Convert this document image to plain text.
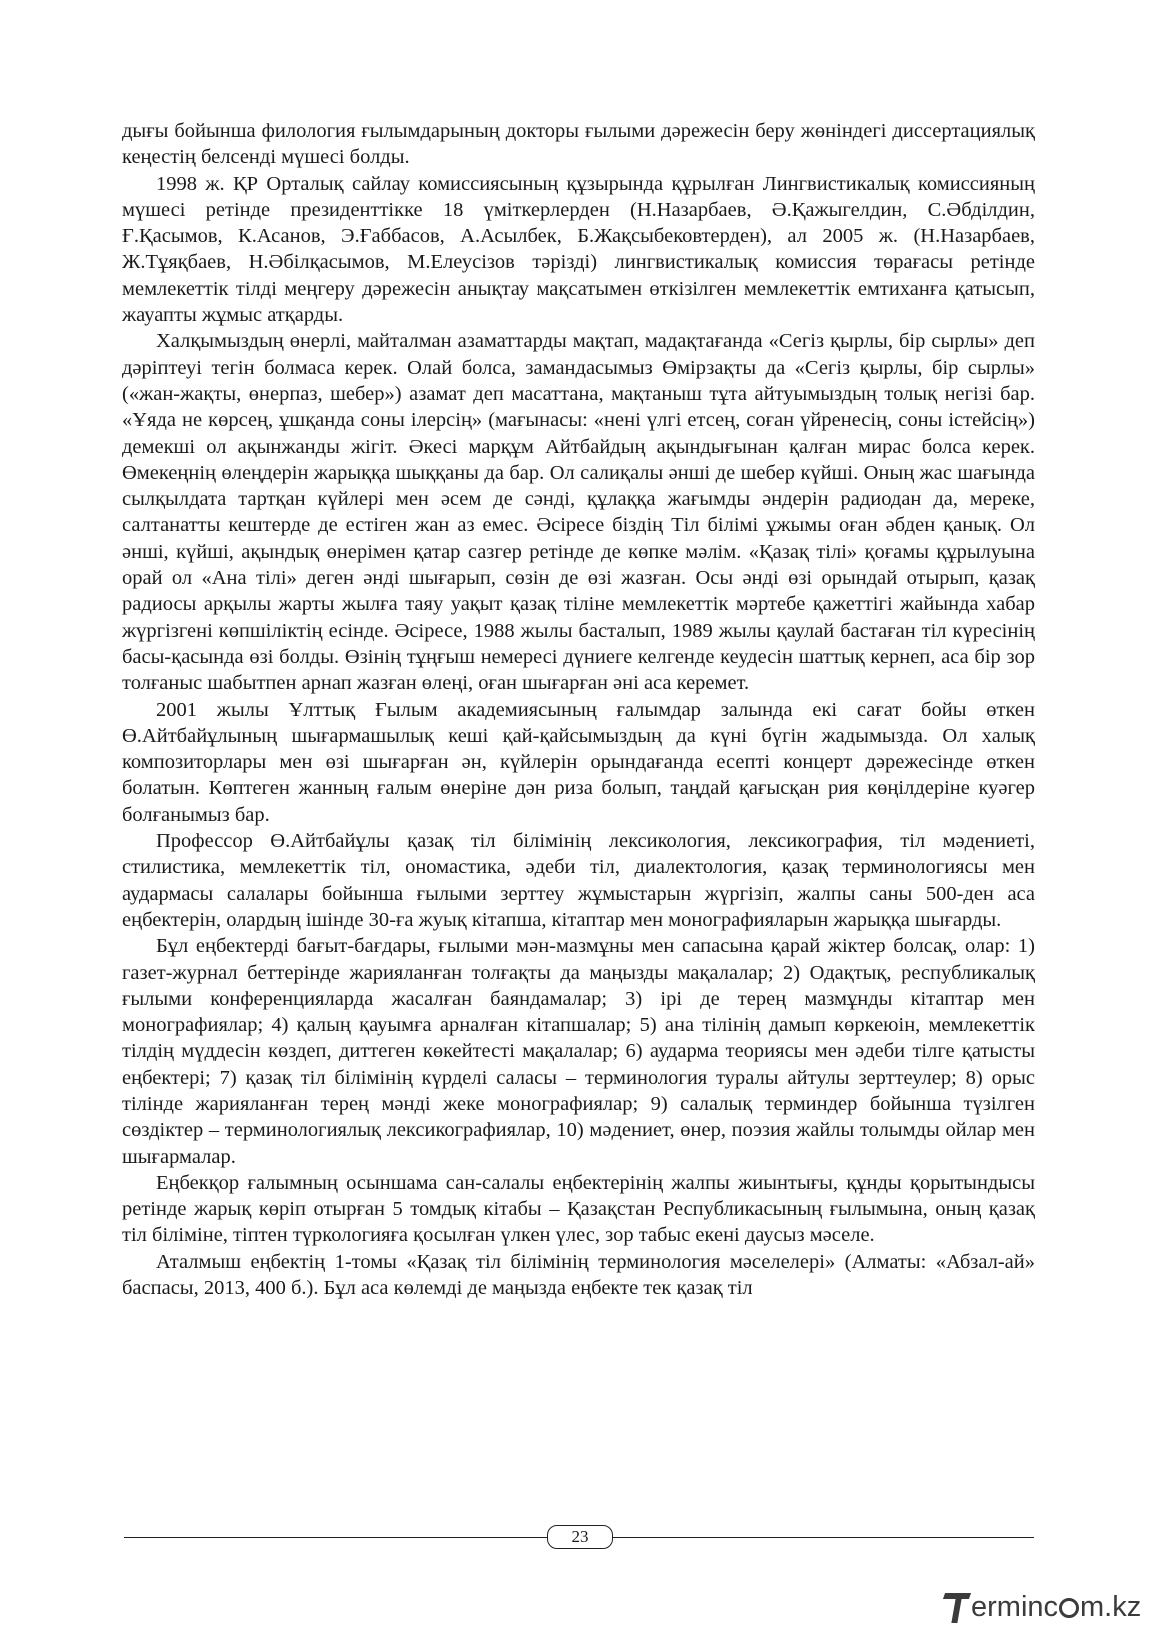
дығы бойынша филология ғылымдарының докторы ғылыми дәрежесін беру жөніндегі диссертациялық кеңестің белсенді мүшесі болды.

1998 ж. ҚР Орталық сайлау комиссиясының құзырында құрылған Лингвистикалық комиссияның мүшесі ретінде президенттікке 18 үміткерлерден (Н.Назарбаев, Ә.Қажыгелдин, С.Әбділдин, Ғ.Қасымов, К.Асанов, Э.Ғаббасов, А.Асылбек, Б.Жақсыбековтерден), ал 2005 ж. (Н.Назарбаев, Ж.Тұяқбаев, Н.Әбілқасымов, М.Елеусізов тәрізді) лингвистикалық комиссия төрағасы ретінде мемлекеттік тілді меңгеру дәрежесін анықтау мақсатымен өткізілген мемлекеттік емтиханға қатысып, жауапты жұмыс атқарды.

Халқымыздың өнерлі, майталман азаматтарды мақтап, мадақтағанда «Сегіз қырлы, бір сырлы» деп дәріптеуі тегін болмаса керек. Олай болса, замандасымыз Өмірзақты да «Сегіз қырлы, бір сырлы» («жан-жақты, өнерпаз, шебер») азамат деп масаттана, мақтаныш тұта айтуымыздың толық негізі бар. «Ұяда не көрсең, ұшқанда соны ілерсің» (мағынасы: «нені үлгі етсең, соған үйренесің, соны істейсің») демекші ол ақынжанды жігіт. Әкесі марқұм Айтбайдың ақындығынан қалған мирас болса керек. Өмекеңнің өлеңдерін жарыққа шыққаны да бар. Ол салиқалы әнші де шебер күйші. Оның жас шағында сылқылдата тартқан күйлері мен әсем де сәнді, құлаққа жағымды әндерін радиодан да, мереке, салтанатты кештерде де естіген жан аз емес. Әсіресе біздің Тіл білімі ұжымы оған әбден қанық. Ол әнші, күйші, ақындық өнерімен қатар сазгер ретінде де көпке мәлім. «Қазақ тілі» қоғамы құрылуына орай ол «Ана тілі» деген әнді шығарып, сөзін де өзі жазған. Осы әнді өзі орындай отырып, қазақ радиосы арқылы жарты жылға таяу уақыт қазақ тіліне мемлекеттік мәртебе қажеттігі жайында хабар жүргізгені көпшіліктің есінде. Әсіресе, 1988 жылы басталып, 1989 жылы қаулай бастаған тіл күресінің басы-қасында өзі болды. Өзінің тұңғыш немересі дүниеге келгенде кеудесін шаттық кернеп, аса бір зор толғаныс шабытпен арнап жазған өлеңі, оған шығарған әні аса керемет.

2001 жылы Ұлттық Ғылым академиясының ғалымдар залында екі сағат бойы өткен Ө.Айтбайұлының шығармашылық кеші қай-қайсымыздың да күні бүгін жадымызда. Ол халық композиторлары мен өзі шығарған ән, күйлерін орындағанда есепті концерт дәрежесінде өткен болатын. Көптеген жанның ғалым өнеріне дән риза болып, таңдай қағысқан рия көңілдеріне куәгер болғанымыз бар.

Професcор Ө.Айтбайұлы қазақ тіл білімінің лексикология, лексикография, тіл мәдениеті, стилистика, мемлекеттік тіл, ономастика, әдеби тіл, диалектология, қазақ терминологиясы мен аудармасы салалары бойынша ғылыми зерттеу жұмыстарын жүргізіп, жалпы саны 500-ден аса еңбектерін, олардың ішінде 30-ға жуық кітапша, кітаптар мен монографияларын жарыққа шығарды.

Бұл еңбектерді бағыт-бағдары, ғылыми мән-мазмұны мен сапасына қарай жіктер болсақ, олар: 1) газет-журнал беттерінде жарияланған толғақты да маңызды мақалалар; 2) Одақтық, республикалық ғылыми конференцияларда жасалған баяндамалар; 3) ірі де терең мазмұнды кітаптар мен монографиялар; 4) қалың қауымға арналған кітапшалар; 5) ана тілінің дамып көркеюін, мемлекеттік тілдің мүддесін көздеп, диттеген көкейтесті мақалалар; 6) аударма теориясы мен әдеби тілге қатысты еңбектері; 7) қазақ тіл білімінің күрделі саласы – терминология туралы айтулы зерттеулер; 8) орыс тілінде жарияланған терең мәнді жеке монографиялар; 9) салалық терминдер бойынша түзілген сөздіктер – терминологиялық лексикографиялар, 10) мәдениет, өнер, поэзия жайлы толымды ойлар мен шығармалар.

Еңбекқор ғалымның осыншама сан-салалы еңбектерінің жалпы жиынтығы, құнды қорытындысы ретінде жарық көріп отырған 5 томдық кітабы – Қазақстан Республикасының ғылымына, оның қазақ тіл біліміне, тіптен түркологияға қосылған үлкен үлес, зор табыс екені даусыз мәселе.

Аталмыш еңбектің 1-томы «Қазақ тіл білімінің терминология мәселелері» (Алматы: «Абзал-ай» баспасы, 2013, 400 б.). Бұл аса көлемді де маңызда еңбекте тек қазақ тіл

23
erminc m.kz
